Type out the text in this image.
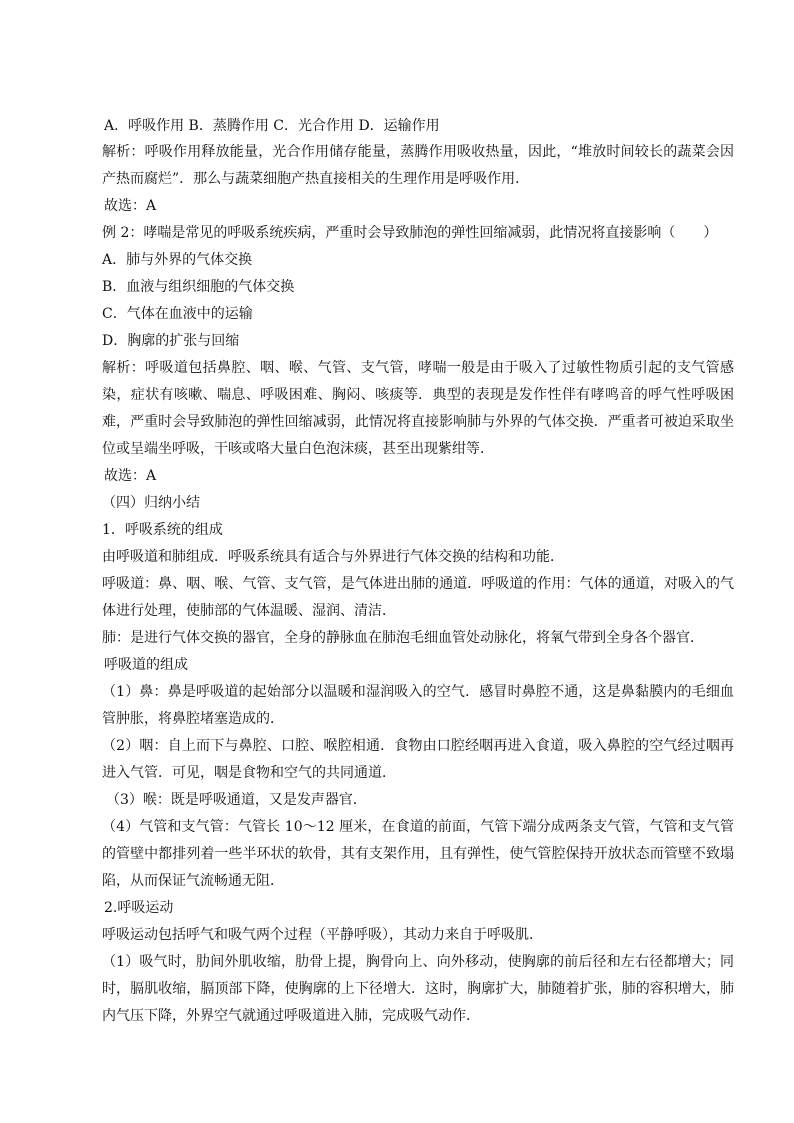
A．呼吸作用 B．蒸腾作用 C．光合作用 D．运输作用

解析：呼吸作用释放能量，光合作用储存能量，蒸腾作用吸收热量，因此，“堆放时间较长的蔬菜会因产热而腐烂”．那么与蔬菜细胞产热直接相关的生理作用是呼吸作用．

故选：A

例 2：哮喘是常见的呼吸系统疾病，严重时会导致肺泡的弹性回缩减弱，此情况将直接影响（　　）

A．肺与外界的气体交换

B．血液与组织细胞的气体交换

C．气体在血液中的运输

D．胸廓的扩张与回缩

解析：呼吸道包括鼻腔、咽、喉、气管、支气管，哮喘一般是由于吸入了过敏性物质引起的支气管感染，症状有咳嗽、喘息、呼吸困难、胸闷、咳痰等．典型的表现是发作性伴有哮鸣音的呼气性呼吸困难，严重时会导致肺泡的弹性回缩减弱，此情况将直接影响肺与外界的气体交换．严重者可被迫采取坐位或呈端坐呼吸，干咳或咯大量白色泡沫痰，甚至出现紫绀等．

故选：A

（四）归纳小结

1．呼吸系统的组成

由呼吸道和肺组成．呼吸系统具有适合与外界进行气体交换的结构和功能．

呼吸道：鼻、咽、喉、气管、支气管，是气体进出肺的通道．呼吸道的作用：气体的通道，对吸入的气体进行处理，使肺部的气体温暖、湿润、清洁．

肺：是进行气体交换的器官，全身的静脉血在肺泡毛细血管处动脉化，将氧气带到全身各个器官．

呼吸道的组成

（1）鼻：鼻是呼吸道的起始部分以温暖和湿润吸入的空气．感冒时鼻腔不通，这是鼻黏膜内的毛细血管肿胀，将鼻腔堵塞造成的．

（2）咽：自上而下与鼻腔、口腔、喉腔相通．食物由口腔经咽再进入食道，吸入鼻腔的空气经过咽再进入气管．可见，咽是食物和空气的共同通道．

（3）喉：既是呼吸通道，又是发声器官．

（4）气管和支气管：气管长 10～12 厘米，在食道的前面，气管下端分成两条支气管，气管和支气管的管壁中都排列着一些半环状的软骨，其有支架作用，且有弹性，使气管腔保持开放状态而管壁不致塌陷，从而保证气流畅通无阻．

2.呼吸运动

呼吸运动包括呼气和吸气两个过程（平静呼吸），其动力来自于呼吸肌．

（1）吸气时，肋间外肌收缩，肋骨上提，胸骨向上、向外移动，使胸廓的前后径和左右径都增大；同时，膈肌收缩，膈顶部下降，使胸廓的上下径增大．这时，胸廓扩大，肺随着扩张，肺的容积增大，肺内气压下降，外界空气就通过呼吸道进入肺，完成吸气动作．
